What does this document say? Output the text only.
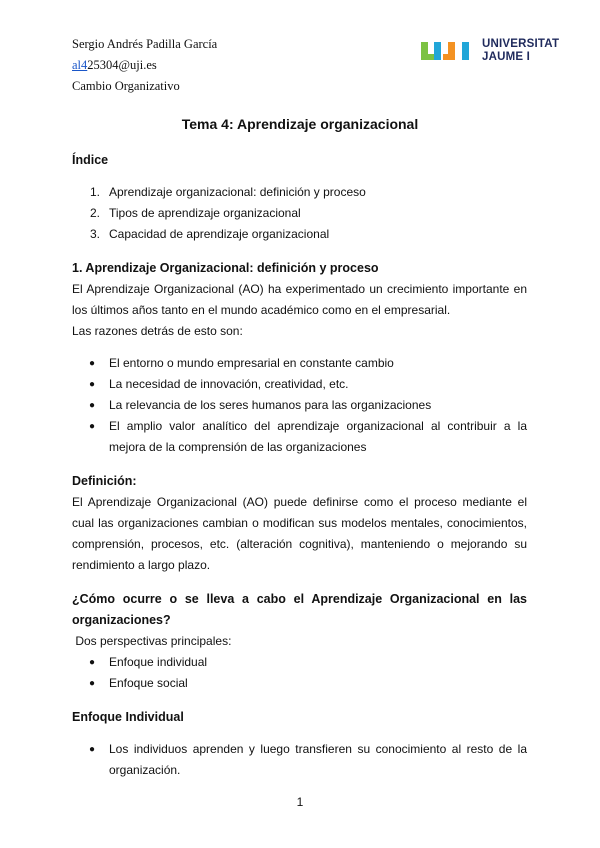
Sergio Andrés Padilla García
al425304@uji.es
Cambio Organizativo
UNIVERSITAT
JAUME I
Tema 4: Aprendizaje organizacional
Índice
1. Aprendizaje organizacional: definición y proceso
2. Tipos de aprendizaje organizacional
3. Capacidad de aprendizaje organizacional
1. Aprendizaje Organizacional: definición y proceso

El Aprendizaje Organizacional (AO) ha experimentado un crecimiento importante en los últimos años tanto en el mundo académico como en el empresarial.

Las razones detrás de esto son:

● El entorno o mundo empresarial en constante cambio
● La necesidad de innovación, creatividad, etc.
● La relevancia de los seres humanos para las organizaciones
● El amplio valor analítico del aprendizaje organizacional al contribuir a la mejora de la comprensión de las organizaciones
Definición:

El Aprendizaje Organizacional (AO) puede definirse como el proceso mediante el cual las organizaciones cambian o modifican sus modelos mentales, conocimientos, comprensión, procesos, etc. (alteración cognitiva), manteniendo o mejorando su rendimiento a largo plazo.

¿Cómo ocurre o se lleva a cabo el Aprendizaje Organizacional en las organizaciones?

Dos perspectivas principales:

● Enfoque individual
● Enfoque social
Enfoque Individual
● Los individuos aprenden y luego transfieren su conocimiento al resto de la organización.
1
